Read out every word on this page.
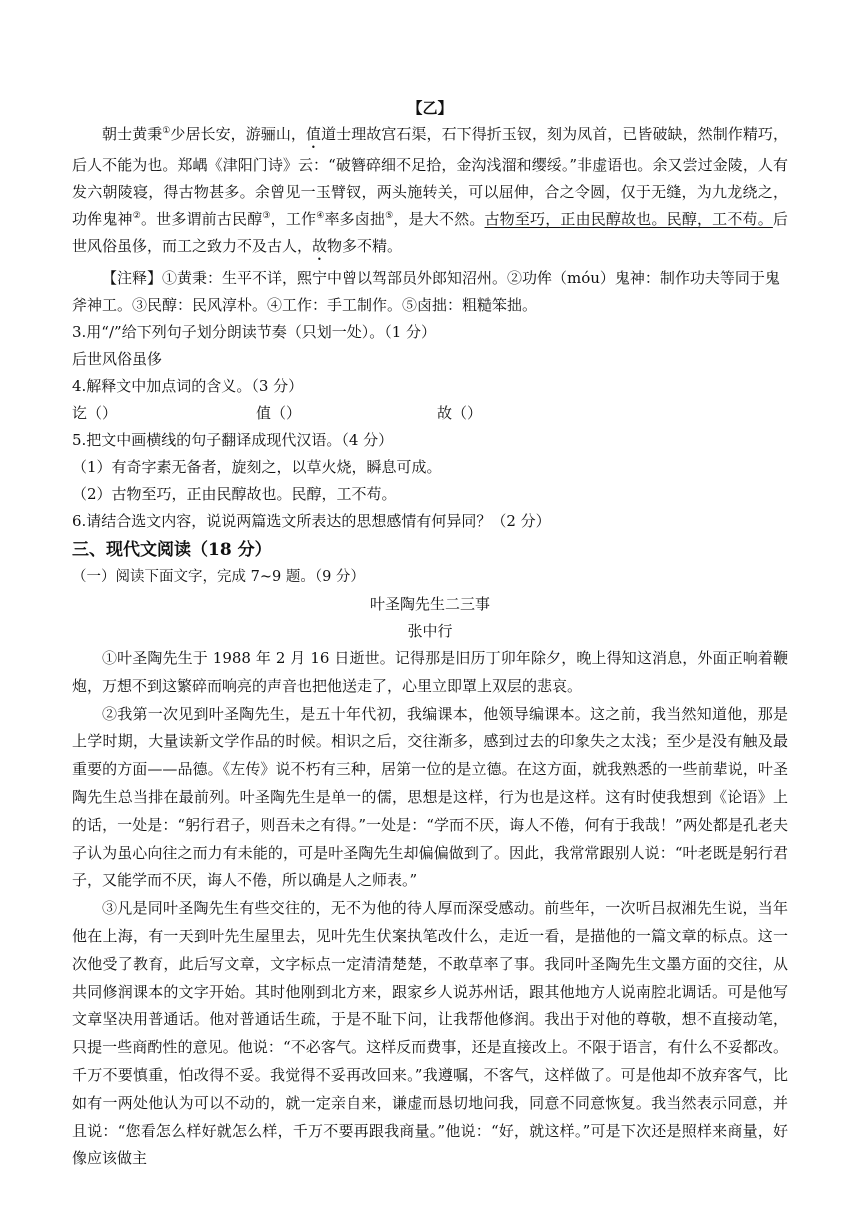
【乙】

朝士黄秉①少居长安，游骊山，值道士理故宫石渠，石下得折玉钗，刻为凤首，已皆破缺，然制作精巧，后人不能为也。郑嵎《津阳门诗》云：“破簪碎细不足拾，金沟浅溜和缨绥。”非虚语也。余又尝过金陵，人有发六朝陵寝，得古物甚多。余曾见一玉臂钗，两头施转关，可以屈伸，合之令圆，仅于无缝，为九龙绕之，功侔鬼神②。世多谓前古民醇③，工作④率多卤拙⑤，是大不然。古物至巧，正由民醇故也。民醇，工不苟。后世风俗虽侈，而工之致力不及古人，故物多不精。

【注释】①黄秉：生平不详，熙宁中曾以驾部员外郎知沼州。②功侔（móu）鬼神：制作功夫等同于鬼斧神工。③民醇：民风淳朴。④工作：手工制作。⑤卤拙：粗糙笨拙。

3.用“/”给下列句子划分朗读节奏（只划一处）。（1 分）

后世风俗虽侈

4.解释文中加点词的含义。（3 分）

讫（）	值（）	故（）

5.把文中画横线的句子翻译成现代汉语。（4 分）

（1）有奇字素无备者，旋刻之，以草火烧，瞬息可成。

（2）古物至巧，正由民醇故也。民醇，工不苟。

6.请结合选文内容，说说两篇选文所表达的思想感情有何异同？（2 分）

三、现代文阅读（18 分）

（一）阅读下面文字，完成 7~9 题。（9 分）

叶圣陶先生二三事

张中行

①叶圣陶先生于 1988 年 2 月 16 日逝世。记得那是旧历丁卯年除夕，晚上得知这消息，外面正响着鞭炮，万想不到这繁碎而响亮的声音也把他送走了，心里立即罩上双层的悲哀。

②我第一次见到叶圣陶先生，是五十年代初，我编课本，他领导编课本。这之前，我当然知道他，那是上学时期，大量读新文学作品的时候。相识之后，交往渐多，感到过去的印象失之太浅；至少是没有触及最重要的方面——品德。《左传》说不朽有三种，居第一位的是立德。在这方面，就我熟悉的一些前辈说，叶圣陶先生总当排在最前列。叶圣陶先生是单一的儒，思想是这样，行为也是这样。这有时使我想到《论语》上的话，一处是：“躬行君子，则吾未之有得。”一处是：“学而不厌，诲人不倦，何有于我哉！”两处都是孔老夫子认为虽心向往之而力有未能的，可是叶圣陶先生却偏偏做到了。因此，我常常跟别人说：“叶老既是躬行君子，又能学而不厌，诲人不倦，所以确是人之师表。”

③凡是同叶圣陶先生有些交往的，无不为他的待人厚而深受感动。前些年，一次听吕叔湘先生说，当年他在上海，有一天到叶先生屋里去，见叶先生伏案执笔改什么，走近一看，是描他的一篇文章的标点。这一次他受了教育，此后写文章，文字标点一定清清楚楚，不敢草率了事。我同叶圣陶先生文墨方面的交往，从共同修润课本的文字开始。其时他刚到北方来，跟家乡人说苏州话，跟其他地方人说南腔北调话。可是他写文章坚决用普通话。他对普通话生疏，于是不耻下问，让我帮他修润。我出于对他的尊敬，想不直接动笔，只提一些商酌性的意见。他说：“不必客气。这样反而费事，还是直接改上。不限于语言，有什么不妥都改。千万不要慎重，怕改得不妥。我觉得不妥再改回来。”我遵嘱，不客气，这样做了。可是他却不放弃客气，比如有一两处他认为可以不动的，就一定亲自来，谦虚而恳切地问我，同意不同意恢复。我当然表示同意，并且说：“您看怎么样好就怎么样，千万不要再跟我商量。”他说：“好，就这样。”可是下次还是照样来商量，好像应该做主
